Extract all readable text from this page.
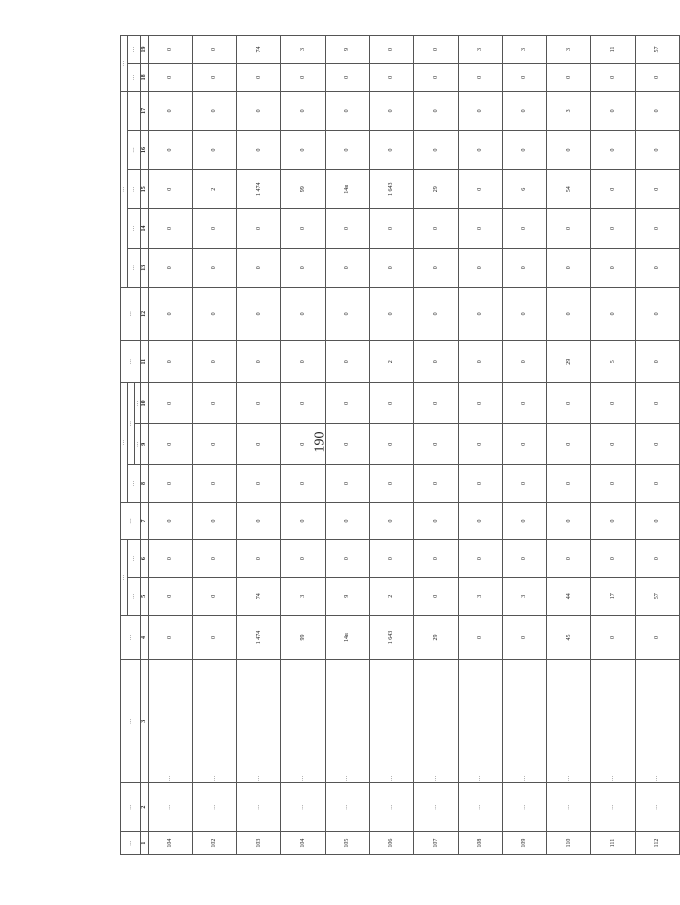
190
…	…	…	…	…		…	…			…	…	…					…	
				…	…		…	…				…	…	…	…		…	…
								…	…									
1	2	3	4	5	6	7	8	9	10	11	12	13	14	15	16	17	18	19
104	…	…	0	0	0	0	0	0	0	0	0	0	0	0	0	0	0	0
102	…	…	0	0	0	0	0	0	0	0	0	0	0	2	0	0	0	0
103	…	…	1 474	74	0	0	0	0	0	0	0	0	0	1 474	0	0	0	74
104	…	…	99	3	0	0	0	0	0	0	0	0	0	99	0	0	0	3
105	…	…	14в	9	0	0	0	0	0	0	0	0	0	14в	0	0	0	9
106	…	…	1 643	2	0	0	0	0	0	2	0	0	0	1 643	0	0	0	0
107	…	…	29	0	0	0	0	0	0	0	0	0	0	29	0	0	0	0
108	…	…	0	3	0	0	0	0	0	0	0	0	0	0	0	0	0	3
109	…	…	0	3	0	0	0	0	0	0	0	0	0	6	0	0	0	3
110	…	…	45	44	0	0	0	0	0	29	0	0	0	54	0	3	0	3
111	…	…	0	17	0	0	0	0	0	5	0	0	0	0	0	0	0	11
112	…	…	0	57	0	0	0	0	0	0	0	0	0	0	0	0	0	57
